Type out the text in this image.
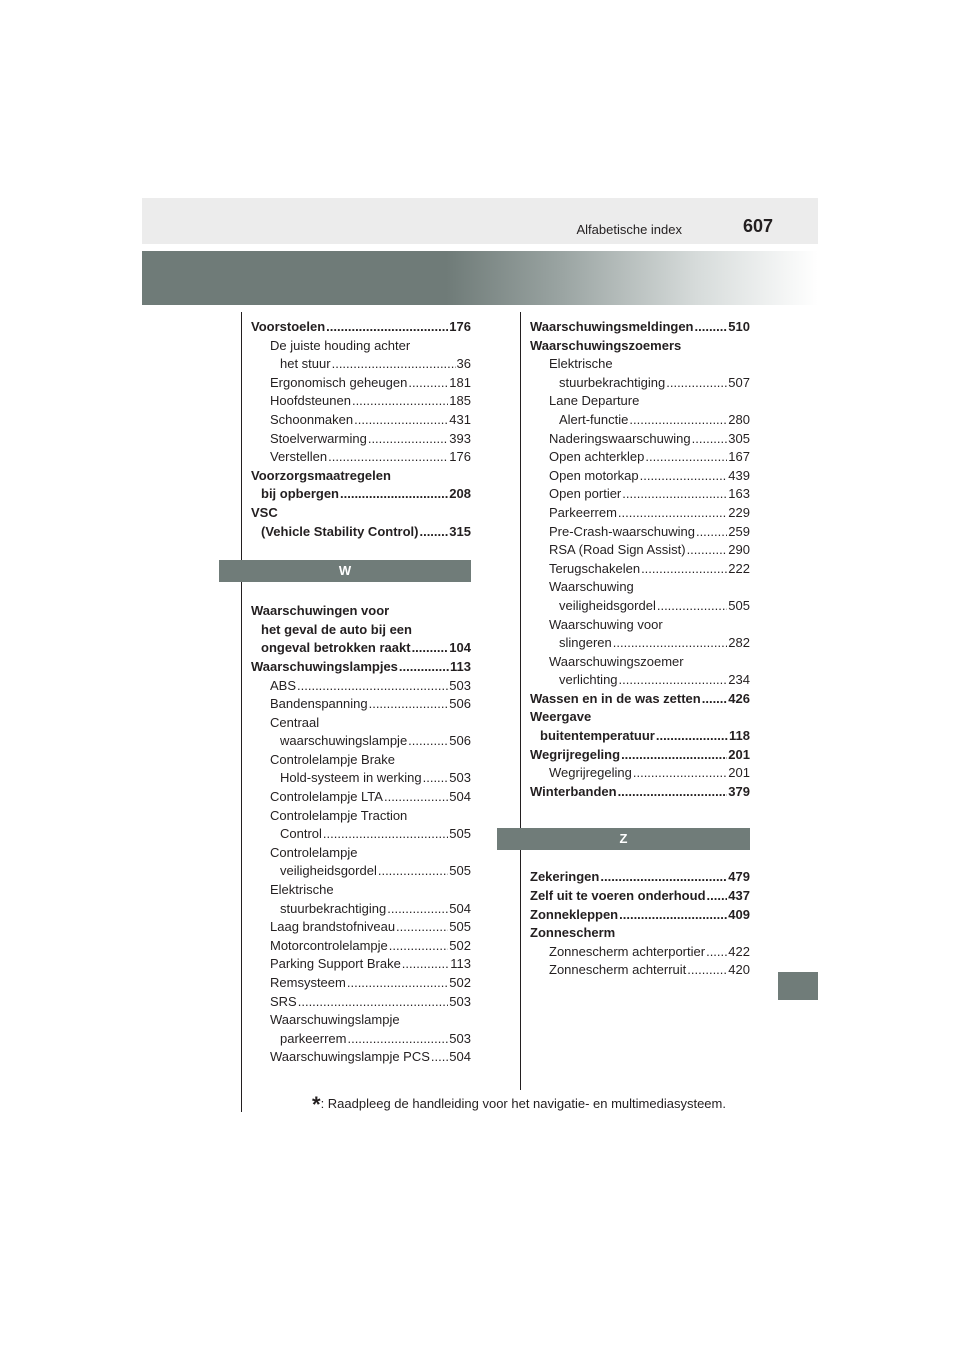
Alfabetische index	607
Voorstoelen .....	176
De juiste houding achter
het stuur .....	36
Ergonomisch geheugen .....	181
Hoofdsteunen .....	185
Schoonmaken .....	431
Stoelverwarming .....	393
Verstellen .....	176
Voorzorgsmaatregelen
bij opbergen .....	208
VSC
(Vehicle Stability Control) ..... 315
W
Waarschuwingen voor
het geval de auto bij een
ongeval betrokken raakt .....	104
Waarschuwingslampjes .....	113
ABS .....	503
Bandenspanning .....	506
Centraal
waarschuwingslampje .....	506
Controlelampje Brake
Hold-systeem in werking ..... 503
Controlelampje LTA .....	504
Controlelampje Traction
Control .....	505
Controlelampje
veiligheidsgordel .....	505
Elektrische
stuurbekrachtiging .....	504
Laag brandstofniveau .....	505
Motorcontrolelampje .....	502
Parking Support Brake .....	113
Remsysteem .....	502
SRS .....	503
Waarschuwingslampje
parkeerrem .....	503
Waarschuwingslampje PCS ..... 504
Waarschuwingsmeldingen .....	510
Waarschuwingszoemers
Elektrische
stuurbekrachtiging .....	507
Lane Departure
Alert-functie .....	280
Naderingswaarschuwing .....	305
Open achterklep .....	167
Open motorkap .....	439
Open portier .....	163
Parkeerrem .....	229
Pre-Crash-waarschuwing .....	259
RSA (Road Sign Assist) .....	290
Terugschakelen .....	222
Waarschuwing
veiligheidsgordel .....	505
Waarschuwing voor
slingeren .....	282
Waarschuwingszoemer
verlichting .....	234
Wassen en in de was zetten ..... 426
Weergave
buitentemperatuur .....	118
Wegrijregeling .....	201
Wegrijregeling .....	201
Winterbanden .....	379
Z
Zekeringen .....	479
Zelf uit te voeren onderhoud ..... 437
Zonnekleppen .....	409
Zonnescherm
Zonnescherm achterportier ..... 422
Zonnescherm achterruit .....	420
*: Raadpleeg de handleiding voor het navigatie- en multimediasysteem.
